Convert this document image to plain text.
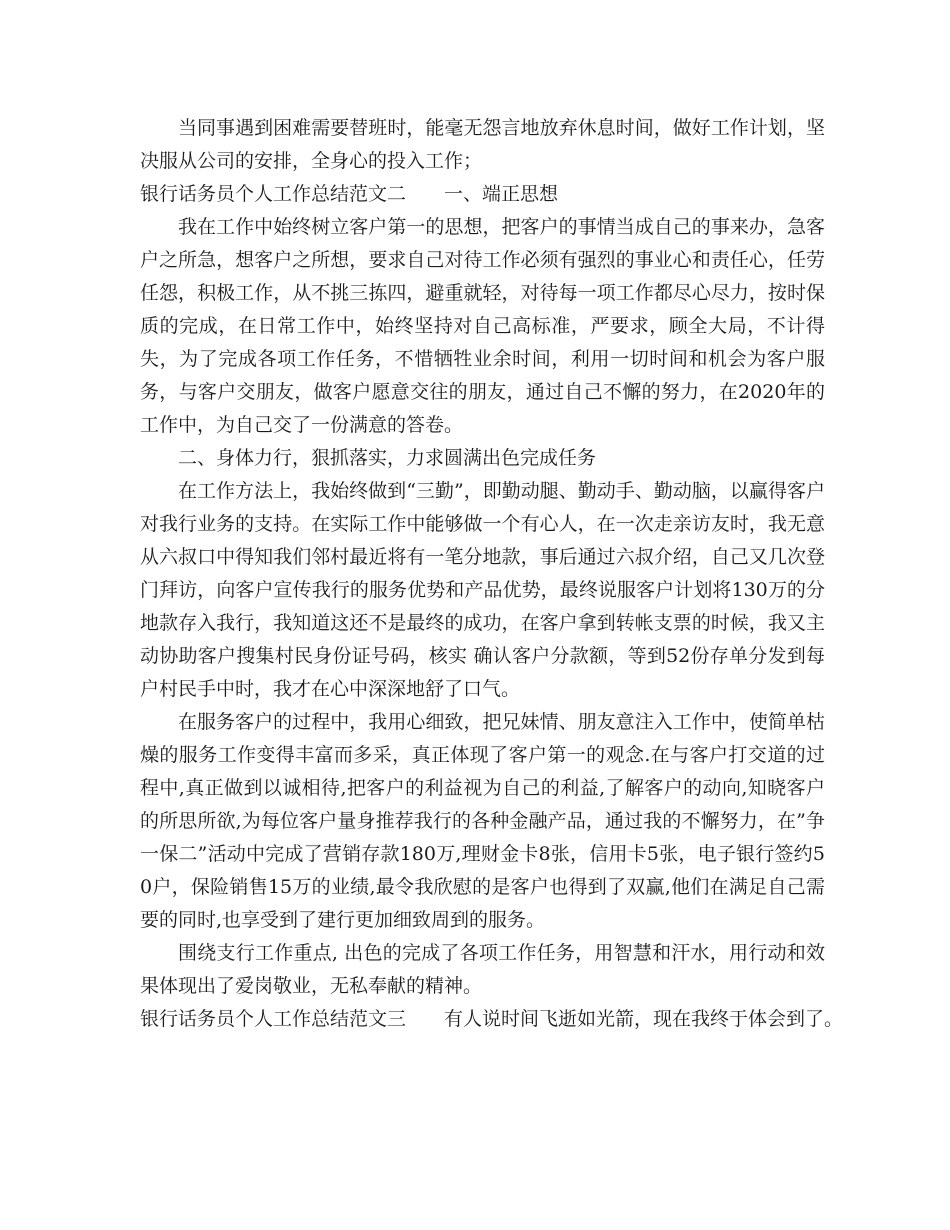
当同事遇到困难需要替班时，能毫无怨言地放弃休息时间，做好工作计划，坚决服从公司的安排，全身心的投入工作；

银行话务员个人工作总结范文二 一、端正思想

我在工作中始终树立客户第一的思想，把客户的事情当成自己的事来办，急客户之所急，想客户之所想，要求自己对待工作必须有强烈的事业心和责任心，任劳任怨，积极工作，从不挑三拣四，避重就轻，对待每一项工作都尽心尽力，按时保质的完成，在日常工作中，始终坚持对自己高标准，严要求，顾全大局，不计得失，为了完成各项工作任务，不惜牺牲业余时间，利用一切时间和机会为客户服务，与客户交朋友，做客户愿意交往的朋友，通过自己不懈的努力，在2020年的工作中，为自己交了一份满意的答卷。

二、身体力行，狠抓落实，力求圆满出色完成任务

在工作方法上，我始终做到“三勤”，即勤动腿、勤动手、勤动脑，以赢得客户对我行业务的支持。在实际工作中能够做一个有心人，在一次走亲访友时，我无意从六叔口中得知我们邻村最近将有一笔分地款，事后通过六叔介绍，自己又几次登门拜访，向客户宣传我行的服务优势和产品优势，最终说服客户计划将130万的分地款存入我行，我知道这还不是最终的成功，在客户拿到转帐支票的时候，我又主动协助客户搜集村民身份证号码，核实 确认客户分款额，等到52份存单分发到每户村民手中时，我才在心中深深地舒了口气。

在服务客户的过程中，我用心细致，把兄妹情、朋友意注入工作中，使简单枯燥的服务工作变得丰富而多采，真正体现了客户第一的观念.在与客户打交道的过程中,真正做到以诚相待,把客户的利益视为自己的利益,了解客户的动向,知晓客户的所思所欲,为每位客户量身推荐我行的各种金融产品，通过我的不懈努力，在”争一保二”活动中完成了营销存款180万,理财金卡8张，信用卡5张，电子银行签约50户，保险销售15万的业绩,最令我欣慰的是客户也得到了双赢,他们在满足自己需要的同时,也享受到了建行更加细致周到的服务。

围绕支行工作重点, 出色的完成了各项工作任务，用智慧和汗水，用行动和效果体现出了爱岗敬业，无私奉献的精神。

银行话务员个人工作总结范文三 有人说时间飞逝如光箭，现在我终于体会到了。
